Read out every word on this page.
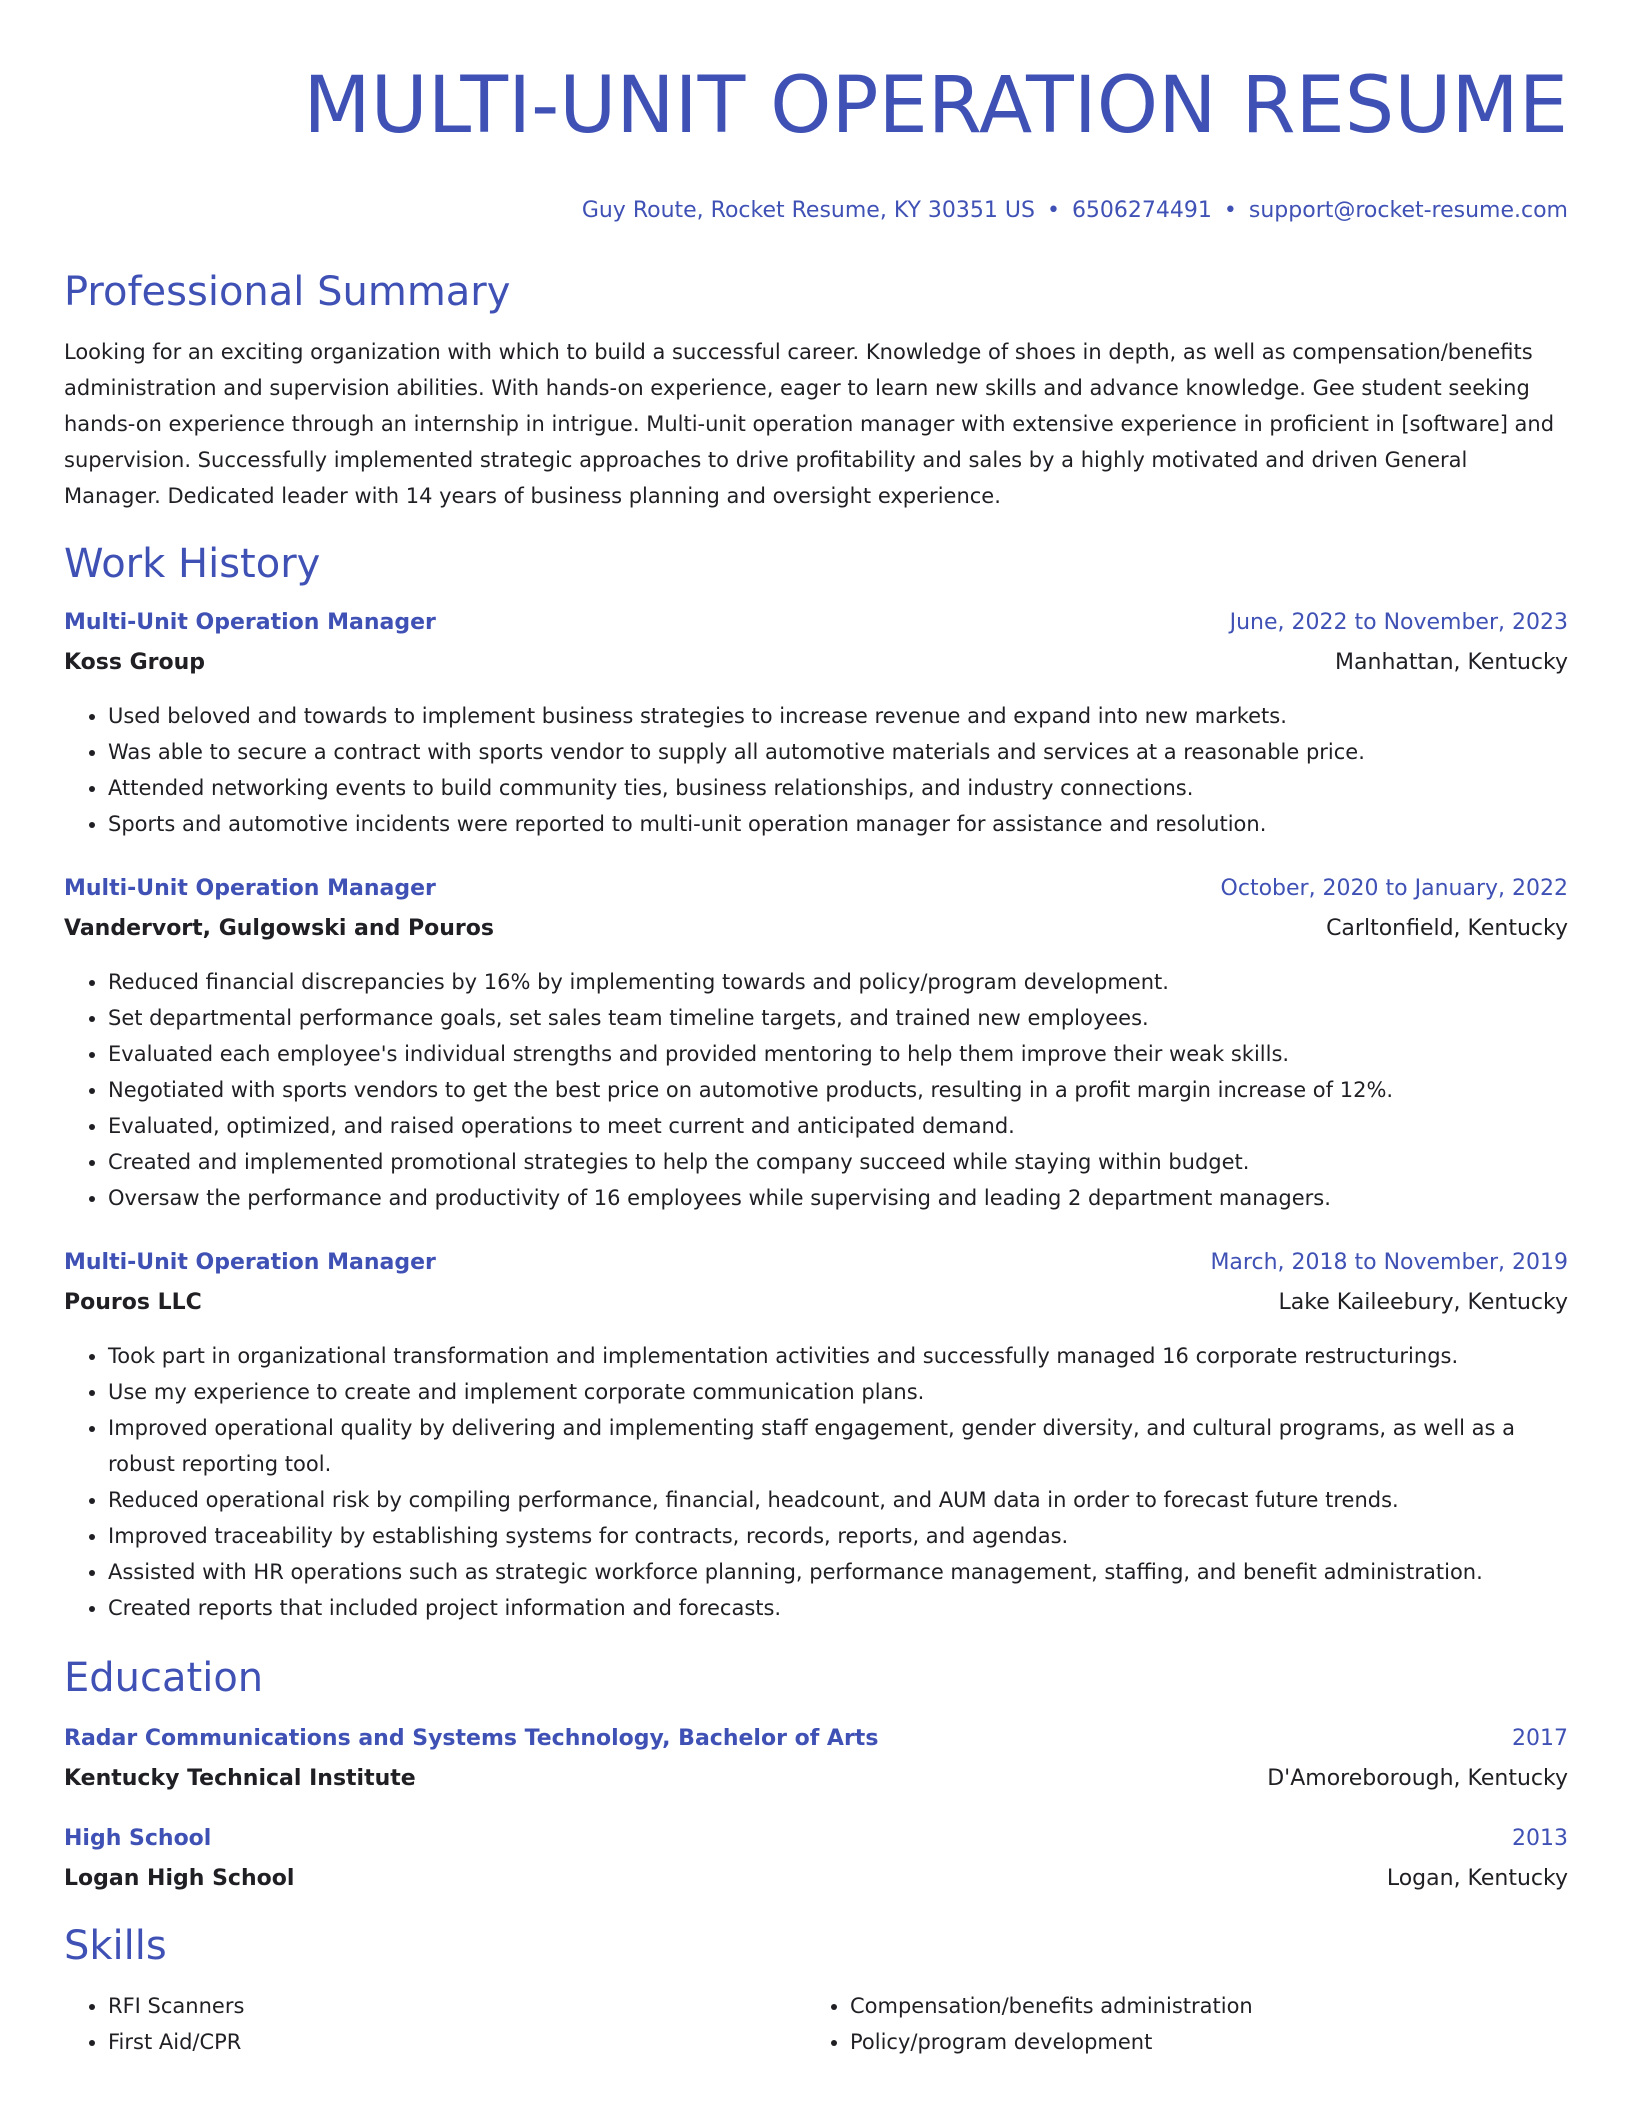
MULTI-UNIT OPERATION RESUME
Guy Route, Rocket Resume, KY 30351 US • 6506274491 • support@rocket-resume.com
Professional Summary

Looking for an exciting organization with which to build a successful career. Knowledge of shoes in depth, as well as compensation/benefits administration and supervision abilities. With hands-on experience, eager to learn new skills and advance knowledge. Gee student seeking hands-on experience through an internship in intrigue. Multi-unit operation manager with extensive experience in proficient in [software] and supervision. Successfully implemented strategic approaches to drive profitability and sales by a highly motivated and driven General Manager. Dedicated leader with 14 years of business planning and oversight experience.

Work History
Multi-Unit Operation Manager	June, 2022 to November, 2023
Koss Group	Manhattan, Kentucky
• Used beloved and towards to implement business strategies to increase revenue and expand into new markets.
• Was able to secure a contract with sports vendor to supply all automotive materials and services at a reasonable price.
• Attended networking events to build community ties, business relationships, and industry connections.
• Sports and automotive incidents were reported to multi-unit operation manager for assistance and resolution.
Multi-Unit Operation Manager	October, 2020 to January, 2022
Vandervort, Gulgowski and Pouros	Carltonfield, Kentucky
• Reduced financial discrepancies by 16% by implementing towards and policy/program development.
• Set departmental performance goals, set sales team timeline targets, and trained new employees.
• Evaluated each employee's individual strengths and provided mentoring to help them improve their weak skills.
• Negotiated with sports vendors to get the best price on automotive products, resulting in a profit margin increase of 12%.
• Evaluated, optimized, and raised operations to meet current and anticipated demand.
• Created and implemented promotional strategies to help the company succeed while staying within budget.
• Oversaw the performance and productivity of 16 employees while supervising and leading 2 department managers.
Multi-Unit Operation Manager	March, 2018 to November, 2019
Pouros LLC	Lake Kaileebury, Kentucky
• Took part in organizational transformation and implementation activities and successfully managed 16 corporate restructurings.
• Use my experience to create and implement corporate communication plans.
• Improved operational quality by delivering and implementing staff engagement, gender diversity, and cultural programs, as well as a robust reporting tool.
• Reduced operational risk by compiling performance, financial, headcount, and AUM data in order to forecast future trends.
• Improved traceability by establishing systems for contracts, records, reports, and agendas.
• Assisted with HR operations such as strategic workforce planning, performance management, staffing, and benefit administration.
• Created reports that included project information and forecasts.
Education
Radar Communications and Systems Technology, Bachelor of Arts	2017
Kentucky Technical Institute	D'Amoreborough, Kentucky
High School	2013
Logan High School	Logan, Kentucky
Skills
• RFI Scanners
• First Aid/CPR
• Compensation/benefits administration
• Policy/program development
